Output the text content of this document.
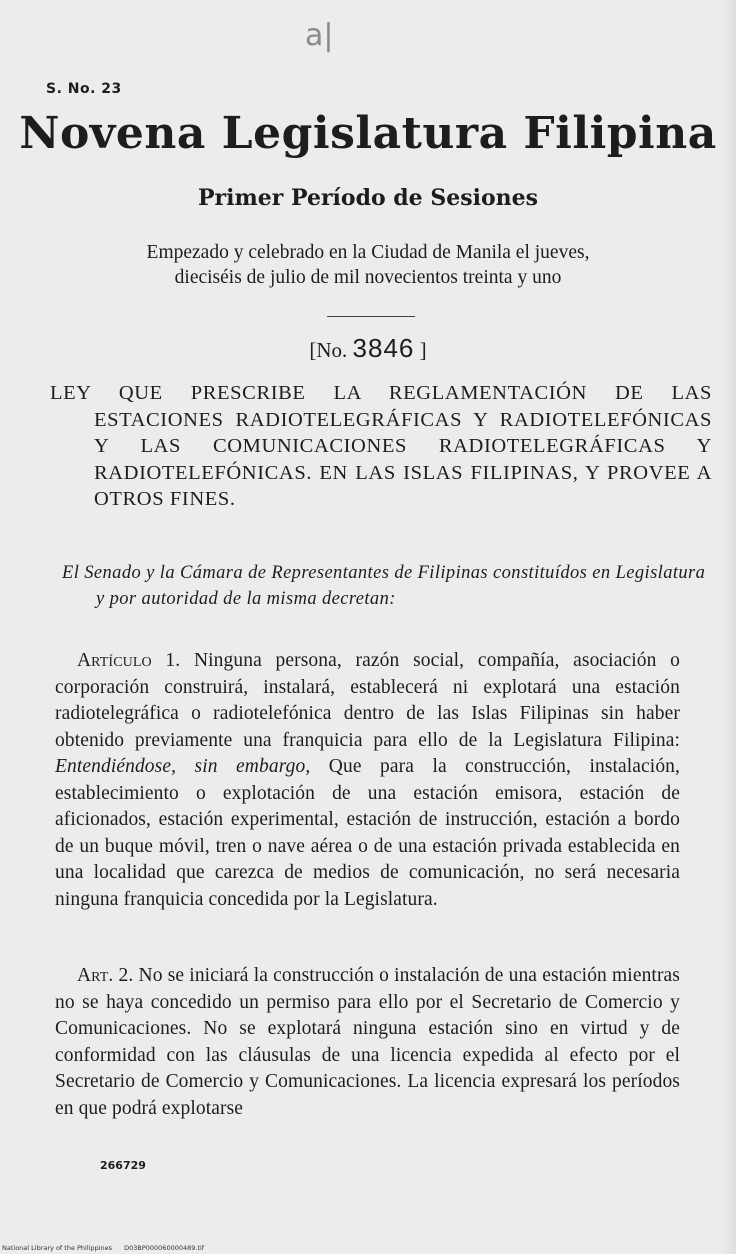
a|
S. No. 23
Novena Legislatura Filipina
Primer Período de Sesiones
Empezado y celebrado en la Ciudad de Manila el jueves,
dieciséis de julio de mil novecientos treinta y uno
[No. 3846 ]
LEY QUE PRESCRIBE LA REGLAMENTACIÓN DE LAS ESTACIONES RADIOTELEGRÁFICAS Y RADIOTELEFÓNICAS Y LAS COMUNICACIONES RADIOTELEGRÁFICAS Y RADIOTELEFÓNICAS. EN LAS ISLAS FILIPINAS, Y PROVEE A OTROS FINES.
El Senado y la Cámara de Representantes de Filipinas constituídos en Legislatura y por autoridad de la misma decretan:
Artículo 1. Ninguna persona, razón social, compañía, asociación o corporación construirá, instalará, establecerá ni explotará una estación radiotelegráfica o radiotelefónica dentro de las Islas Filipinas sin haber obtenido previamente una franquicia para ello de la Legislatura Filipina: Entendiéndose, sin embargo, Que para la construcción, instalación, establecimiento o explotación de una estación emisora, estación de aficionados, estación experimental, estación de instrucción, estación a bordo de un buque móvil, tren o nave aérea o de una estación privada establecida en una localidad que carezca de medios de comunicación, no será necesaria ninguna franquicia concedida por la Legislatura.
Art. 2. No se iniciará la construcción o instalación de una estación mientras no se haya concedido un permiso para ello por el Secretario de Comercio y Comunicaciones. No se explotará ninguna estación sino en virtud y de conformidad con las cláusulas de una licencia expedida al efecto por el Secretario de Comercio y Comunicaciones. La licencia expresará los períodos en que podrá explotarse
266729
National Library of the Philippines D03BP000060000489.tif
